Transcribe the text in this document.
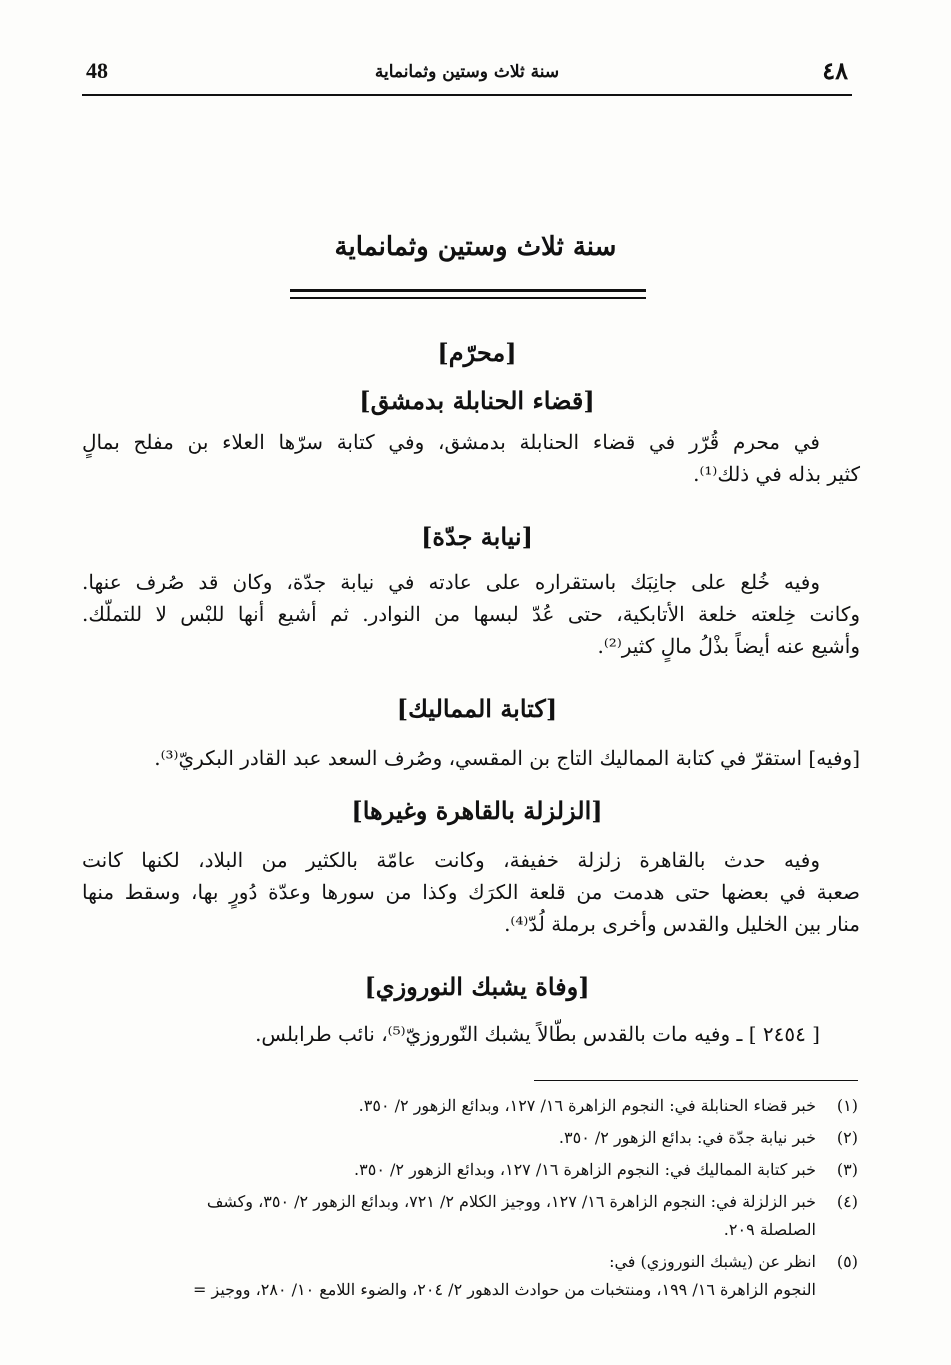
48	سنة ثلاث وستين وثمانماية	٤٨
سنة ثلاث وستين وثمانماية
[محرّم]
[قضاء الحنابلة بدمشق]
في محرم قُرّر في قضاء الحنابلة بدمشق، وفي كتابة سرّها العلاء بن مفلح بمالٍ
كثير بذله في ذلك⁽¹⁾.
[نيابة جدّة]
وفيه خُلع على جانِبَك باستقراره على عادته في نيابة جدّة، وكان قد صُرف عنها.
وكانت خِلعته خلعة الأتابكية، حتى عُدّ لبسها من النوادر. ثم أشيع أنها للبْس لا للتملّك.
وأشيع عنه أيضاً بذْلُ مالٍ كثير⁽²⁾.
[كتابة المماليك]
[وفيه] استقرّ في كتابة المماليك التاج بن المقسي، وصُرف السعد عبد القادر البكريّ⁽³⁾.
[الزلزلة بالقاهرة وغيرها]
وفيه حدث بالقاهرة زلزلة خفيفة، وكانت عامّة بالكثير من البلاد، لكنها كانت
صعبة في بعضها حتى هدمت من قلعة الكرَك وكذا من سورها وعدّة دُورٍ بها، وسقط منها
منار بين الخليل والقدس وأخرى برملة لُدّ⁽⁴⁾.
[وفاة يشبك النوروزي]
[ ٢٤٥٤ ] ـ وفيه مات بالقدس بطّالاً يشبك النّوروزيّ⁽⁵⁾، نائب طرابلس.
(١)خبر قضاء الحنابلة في: النجوم الزاهرة ١٦/ ١٢٧، وبدائع الزهور ٢/ ٣٥٠.
(٢)خبر نيابة جدّة في: بدائع الزهور ٢/ ٣٥٠.
(٣)خبر كتابة المماليك في: النجوم الزاهرة ١٦/ ١٢٧، وبدائع الزهور ٢/ ٣٥٠.
(٤)خبر الزلزلة في: النجوم الزاهرة ١٦/ ١٢٧، ووجيز الكلام ٢/ ٧٢١، وبدائع الزهور ٢/ ٣٥٠، وكشف
الصلصلة ٢٠٩.
(٥)انظر عن (يشبك النوروزي) في:
النجوم الزاهرة ١٦/ ١٩٩، ومنتخبات من حوادث الدهور ٢/ ٢٠٤، والضوء اللامع ١٠/ ٢٨٠، ووجيز =
